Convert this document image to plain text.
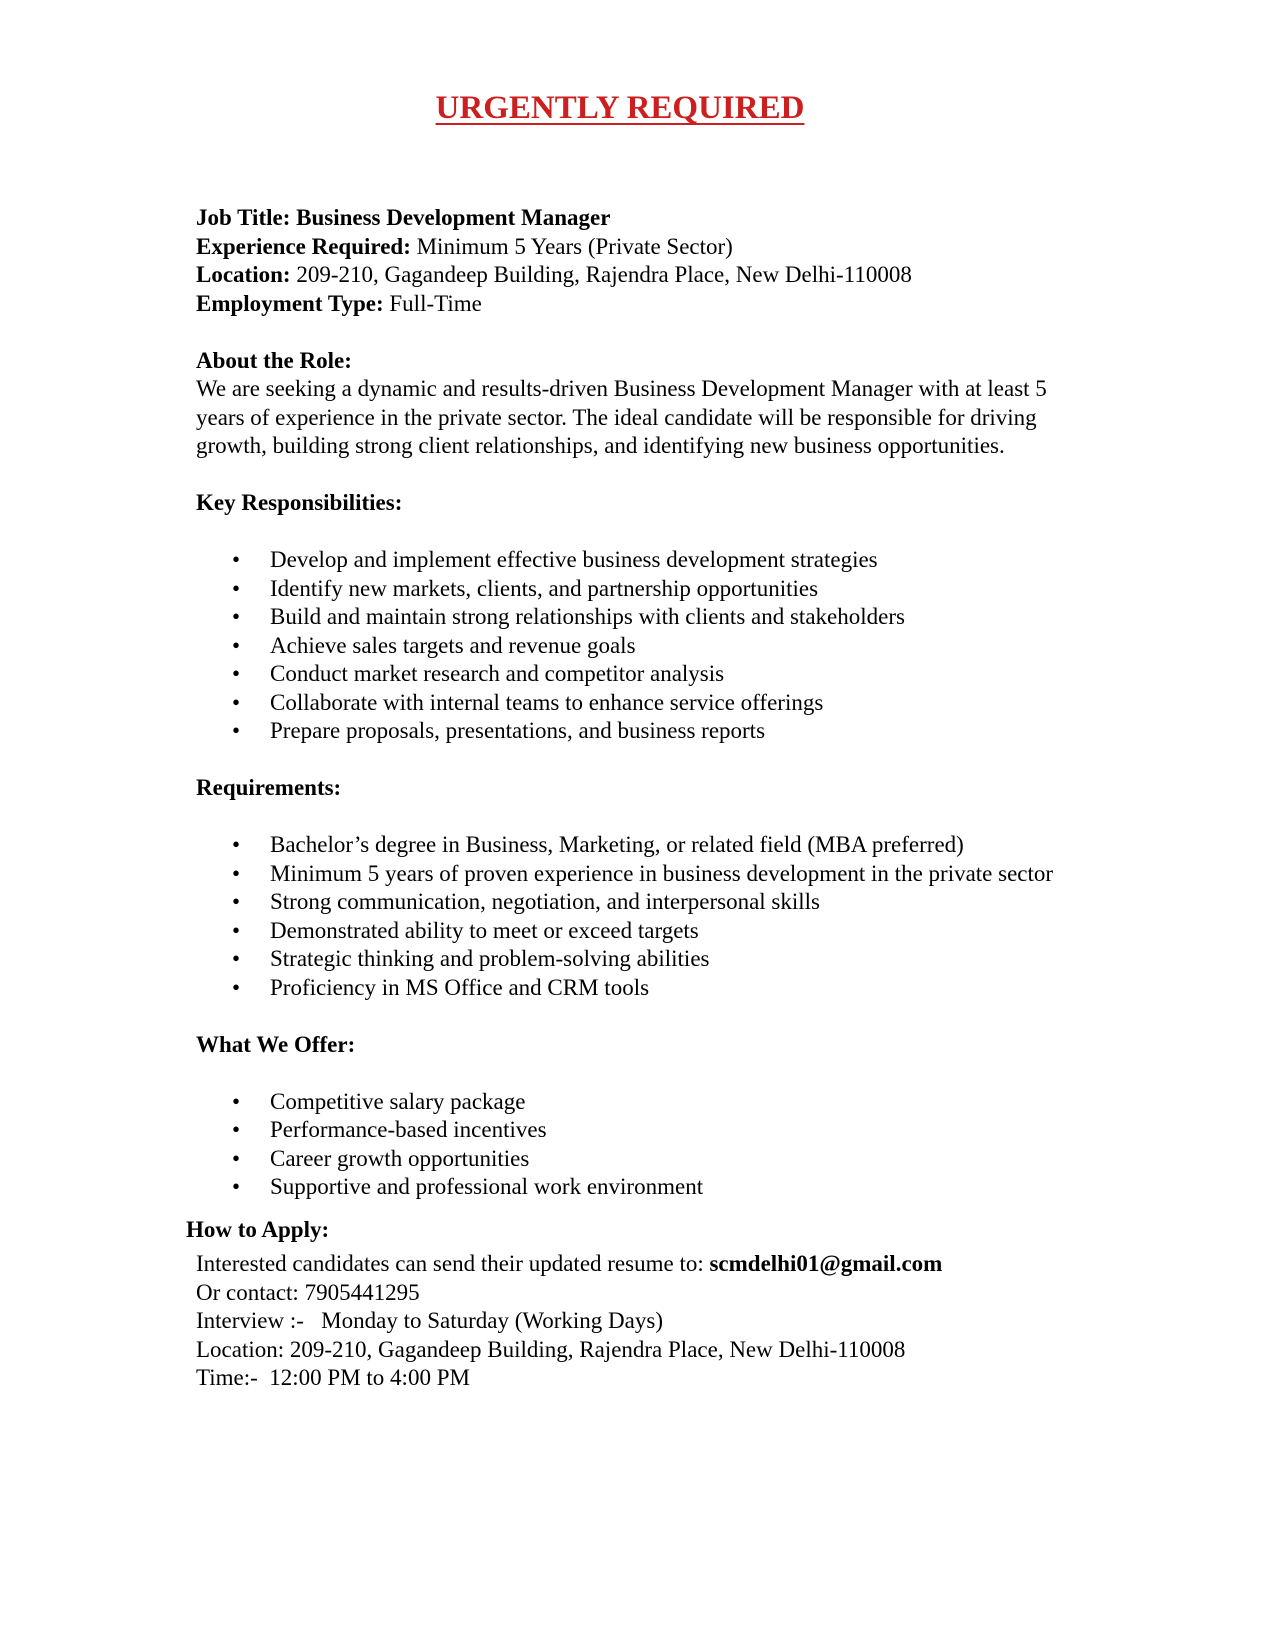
URGENTLY REQUIRED
Job Title: Business Development Manager
Experience Required: Minimum 5 Years (Private Sector)
Location: 209-210, Gagandeep Building, Rajendra Place, New Delhi-110008
Employment Type: Full-Time
About the Role:
We are seeking a dynamic and results-driven Business Development Manager with at least 5
years of experience in the private sector. The ideal candidate will be responsible for driving
growth, building strong client relationships, and identifying new business opportunities.
Key Responsibilities:
• Develop and implement effective business development strategies
• Identify new markets, clients, and partnership opportunities
• Build and maintain strong relationships with clients and stakeholders
• Achieve sales targets and revenue goals
• Conduct market research and competitor analysis
• Collaborate with internal teams to enhance service offerings
• Prepare proposals, presentations, and business reports
Requirements:
• Bachelor’s degree in Business, Marketing, or related field (MBA preferred)
• Minimum 5 years of proven experience in business development in the private sector
• Strong communication, negotiation, and interpersonal skills
• Demonstrated ability to meet or exceed targets
• Strategic thinking and problem-solving abilities
• Proficiency in MS Office and CRM tools
What We Offer:
• Competitive salary package
• Performance-based incentives
• Career growth opportunities
• Supportive and professional work environment
How to Apply:
Interested candidates can send their updated resume to: scmdelhi01@gmail.com
Or contact: 7905441295
Interview :-   Monday to Saturday (Working Days)
Location: 209-210, Gagandeep Building, Rajendra Place, New Delhi-110008
Time:-  12:00 PM to 4:00 PM
